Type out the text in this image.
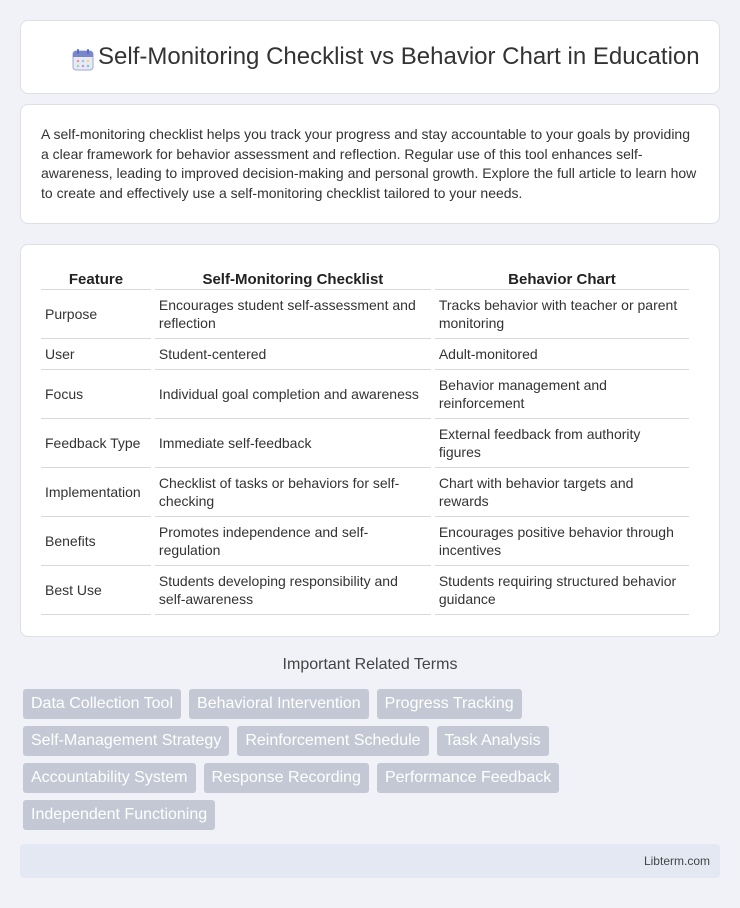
Self-Monitoring Checklist vs Behavior Chart in Education

A self-monitoring checklist helps you track your progress and stay accountable to your goals by providing a clear framework for behavior assessment and reflection. Regular use of this tool enhances self-awareness, leading to improved decision-making and personal growth. Explore the full article to learn how to create and effectively use a self-monitoring checklist tailored to your needs.

Feature	Self-Monitoring Checklist	Behavior Chart
Purpose	Encourages student self-assessment and reflection	Tracks behavior with teacher or parent monitoring
User	Student-centered	Adult-monitored
Focus	Individual goal completion and awareness	Behavior management and reinforcement
Feedback Type	Immediate self-feedback	External feedback from authority figures
Implementation	Checklist of tasks or behaviors for self-checking	Chart with behavior targets and rewards
Benefits	Promotes independence and self-regulation	Encourages positive behavior through incentives
Best Use	Students developing responsibility and self-awareness	Students requiring structured behavior guidance
Important Related Terms
Data Collection Tool	Behavioral Intervention	Progress Tracking
Self-Management Strategy	Reinforcement Schedule	Task Analysis
Accountability System	Response Recording	Performance Feedback
Independent Functioning
Libterm.com
